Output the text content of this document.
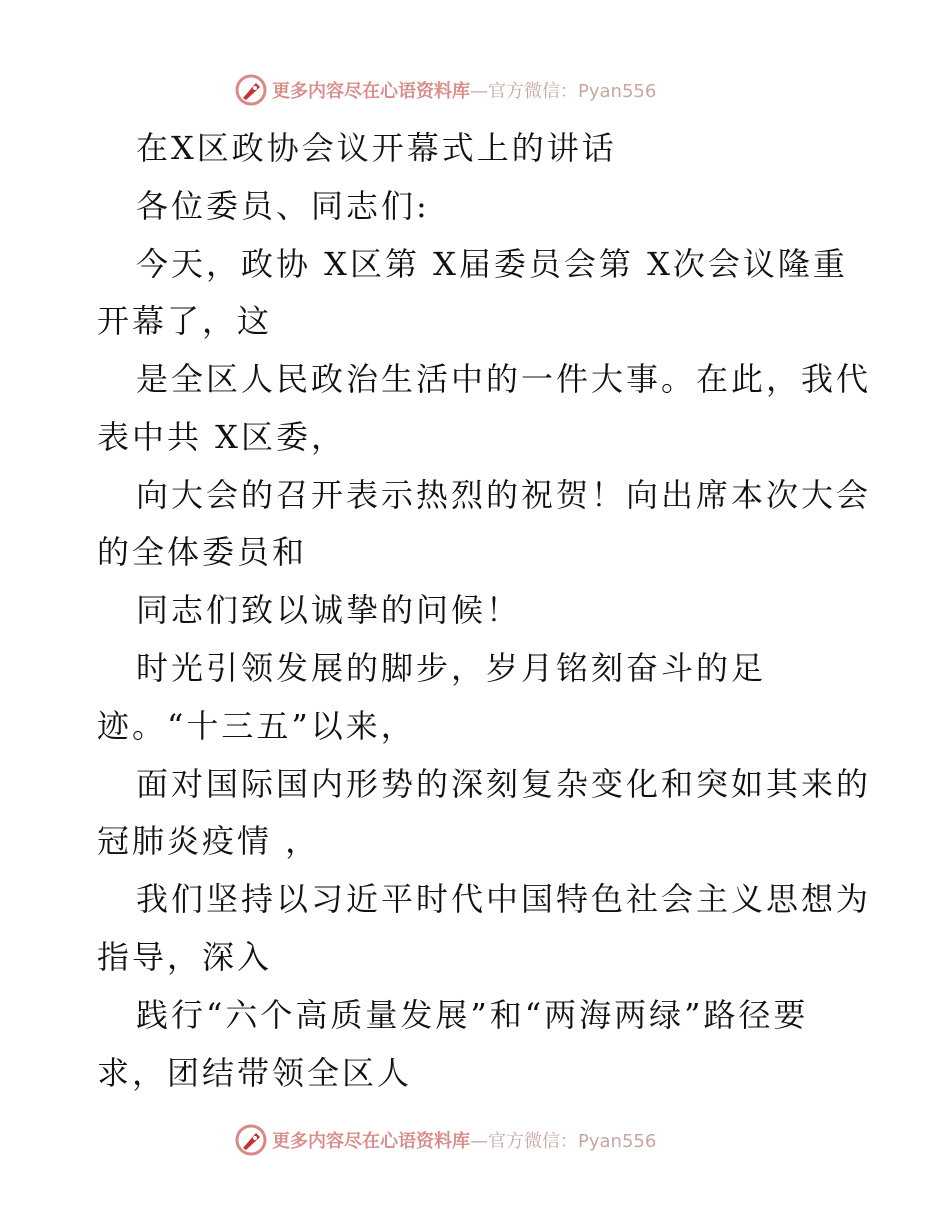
更多内容尽在心语资料库 —官方微信：Pyan556
在X区政协会议开幕式上的讲话
各位委员、同志们:
今天，政协 X区第 X届委员会第 X次会议隆重
开幕了，这
是全区人民政治生活中的一件大事。在此，我代
表中共 X区委，
向大会的召开表示热烈的祝贺！向出席本次大会
的全体委员和
同志们致以诚挚的问候！
时光引领发展的脚步，岁月铭刻奋斗的足
迹。“十三五”以来，
面对国际国内形势的深刻复杂变化和突如其来的
冠肺炎疫情 ，
我们坚持以习近平时代中国特色社会主义思想为
指导，深入
践行“六个高质量发展”和“两海两绿”路径要
求，团结带领全区人
更多内容尽在心语资料库 —官方微信：Pyan556
